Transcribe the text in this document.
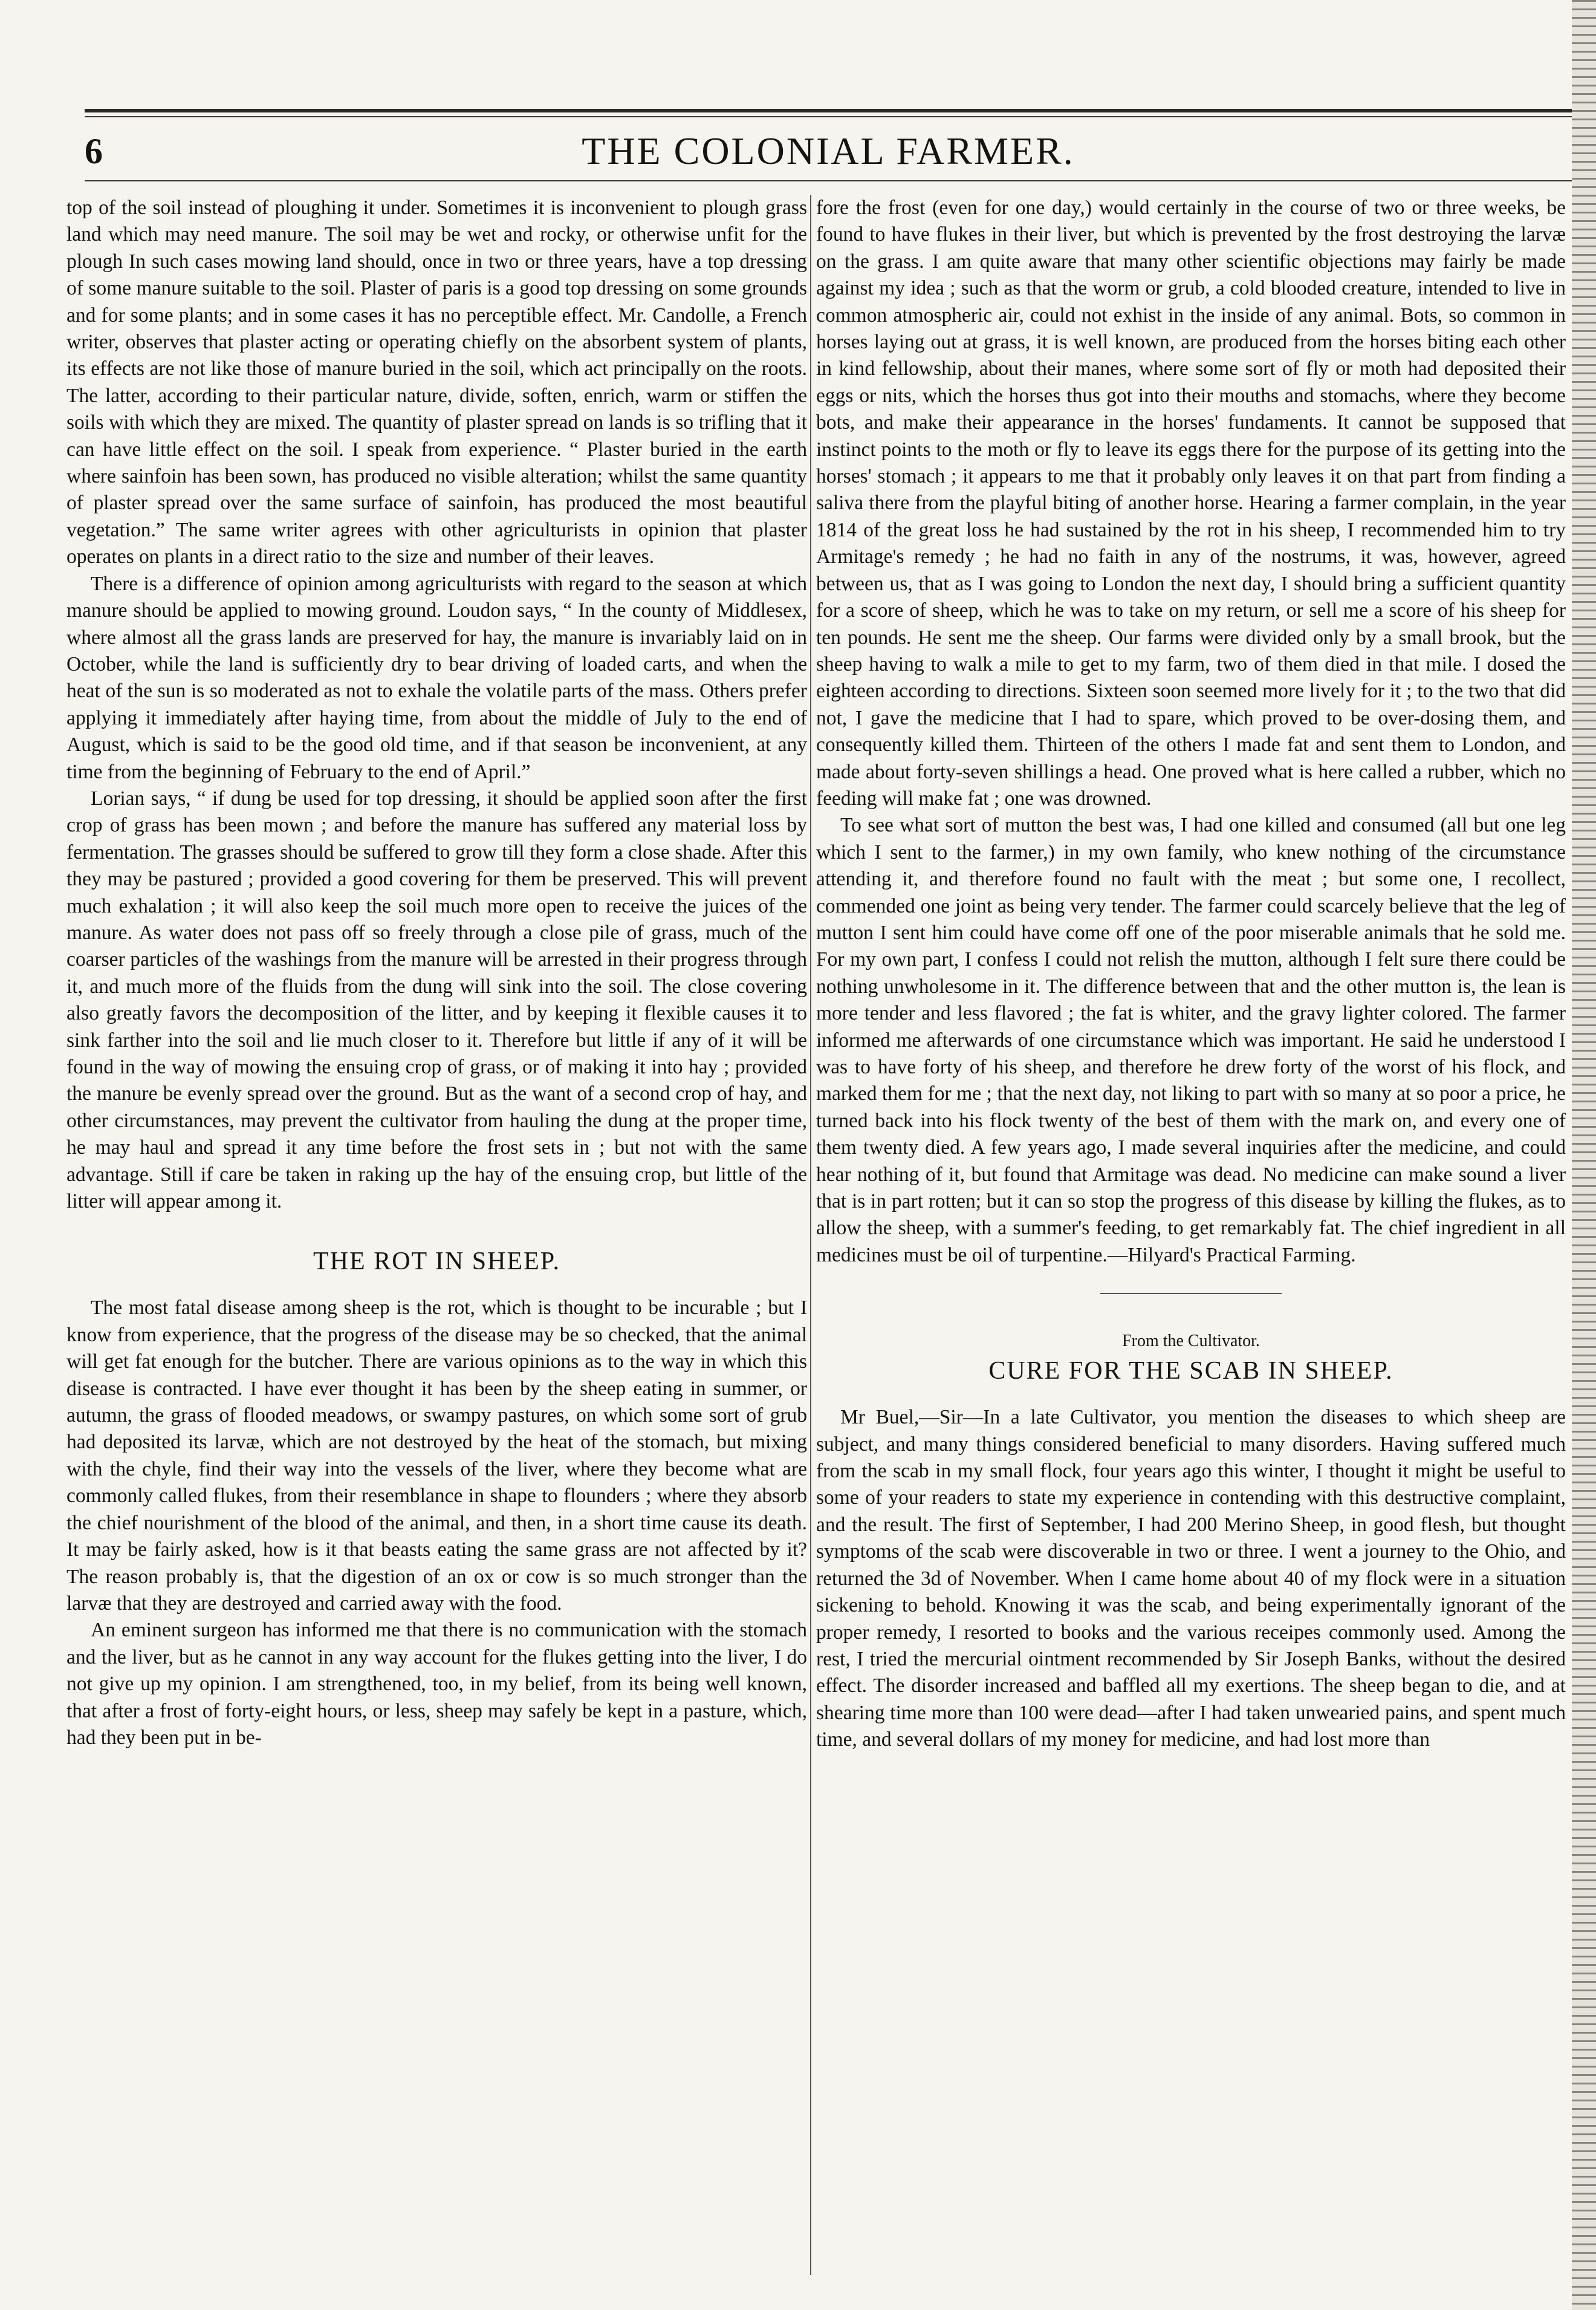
6	THE COLONIAL FARMER.

top of the soil instead of ploughing it under. Sometimes it is inconvenient to plough grass land which may need manure. The soil may be wet and rocky, or otherwise unfit for the plough In such cases mowing land should, once in two or three years, have a top dressing of some manure suitable to the soil. Plaster of paris is a good top dressing on some grounds and for some plants; and in some cases it has no perceptible effect. Mr. Candolle, a French writer, observes that plaster acting or operating chiefly on the absorbent system of plants, its effects are not like those of manure buried in the soil, which act principally on the roots. The latter, according to their particular nature, divide, soften, enrich, warm or stiffen the soils with which they are mixed. The quantity of plaster spread on lands is so trifling that it can have little effect on the soil. I speak from experience. “ Plaster buried in the earth where sainfoin has been sown, has produced no visible alteration; whilst the same quantity of plaster spread over the same surface of sainfoin, has produced the most beautiful vegetation.” The same writer agrees with other agriculturists in opinion that plaster operates on plants in a direct ratio to the size and number of their leaves.

There is a difference of opinion among agriculturists with regard to the season at which manure should be applied to mowing ground. Loudon says, “ In the county of Middlesex, where almost all the grass lands are preserved for hay, the manure is invariably laid on in October, while the land is sufficiently dry to bear driving of loaded carts, and when the heat of the sun is so moderated as not to exhale the volatile parts of the mass. Others prefer applying it immediately after haying time, from about the middle of July to the end of August, which is said to be the good old time, and if that season be inconvenient, at any time from the beginning of February to the end of April.”

Lorian says, “ if dung be used for top dressing, it should be applied soon after the first crop of grass has been mown ; and before the manure has suffered any material loss by fermentation. The grasses should be suffered to grow till they form a close shade. After this they may be pastured ; provided a good covering for them be preserved. This will prevent much exhalation ; it will also keep the soil much more open to receive the juices of the manure. As water does not pass off so freely through a close pile of grass, much of the coarser particles of the washings from the manure will be arrested in their progress through it, and much more of the fluids from the dung will sink into the soil. The close covering also greatly favors the decomposition of the litter, and by keeping it flexible causes it to sink farther into the soil and lie much closer to it. Therefore but little if any of it will be found in the way of mowing the ensuing crop of grass, or of making it into hay ; provided the manure be evenly spread over the ground. But as the want of a second crop of hay, and other circumstances, may prevent the cultivator from hauling the dung at the proper time, he may haul and spread it any time before the frost sets in ; but not with the same advantage. Still if care be taken in raking up the hay of the ensuing crop, but little of the litter will appear among it.

THE ROT IN SHEEP.

The most fatal disease among sheep is the rot, which is thought to be incurable ; but I know from experience, that the progress of the disease may be so checked, that the animal will get fat enough for the butcher. There are various opinions as to the way in which this disease is contracted. I have ever thought it has been by the sheep eating in summer, or autumn, the grass of flooded meadows, or swampy pastures, on which some sort of grub had deposited its larvæ, which are not destroyed by the heat of the stomach, but mixing with the chyle, find their way into the vessels of the liver, where they become what are commonly called flukes, from their resemblance in shape to flounders ; where they absorb the chief nourishment of the blood of the animal, and then, in a short time cause its death. It may be fairly asked, how is it that beasts eating the same grass are not affected by it? The reason probably is, that the digestion of an ox or cow is so much stronger than the larvæ that they are destroyed and carried away with the food.

An eminent surgeon has informed me that there is no communication with the stomach and the liver, but as he cannot in any way account for the flukes getting into the liver, I do not give up my opinion. I am strengthened, too, in my belief, from its being well known, that after a frost of forty-eight hours, or less, sheep may safely be kept in a pasture, which, had they been put in be-

fore the frost (even for one day,) would certainly in the course of two or three weeks, be found to have flukes in their liver, but which is prevented by the frost destroying the larvæ on the grass. I am quite aware that many other scientific objections may fairly be made against my idea ; such as that the worm or grub, a cold blooded creature, intended to live in common atmospheric air, could not exhist in the inside of any animal. Bots, so common in horses laying out at grass, it is well known, are produced from the horses biting each other in kind fellowship, about their manes, where some sort of fly or moth had deposited their eggs or nits, which the horses thus got into their mouths and stomachs, where they become bots, and make their appearance in the horses' fundaments. It cannot be supposed that instinct points to the moth or fly to leave its eggs there for the purpose of its getting into the horses' stomach ; it appears to me that it probably only leaves it on that part from finding a saliva there from the playful biting of another horse. Hearing a farmer complain, in the year 1814 of the great loss he had sustained by the rot in his sheep, I recommended him to try Armitage's remedy ; he had no faith in any of the nostrums, it was, however, agreed between us, that as I was going to London the next day, I should bring a sufficient quantity for a score of sheep, which he was to take on my return, or sell me a score of his sheep for ten pounds. He sent me the sheep. Our farms were divided only by a small brook, but the sheep having to walk a mile to get to my farm, two of them died in that mile. I dosed the eighteen according to directions. Sixteen soon seemed more lively for it ; to the two that did not, I gave the medicine that I had to spare, which proved to be over-dosing them, and consequently killed them. Thirteen of the others I made fat and sent them to London, and made about forty-seven shillings a head. One proved what is here called a rubber, which no feeding will make fat ; one was drowned.

To see what sort of mutton the best was, I had one killed and consumed (all but one leg which I sent to the farmer,) in my own family, who knew nothing of the circumstance attending it, and therefore found no fault with the meat ; but some one, I recollect, commended one joint as being very tender. The farmer could scarcely believe that the leg of mutton I sent him could have come off one of the poor miserable animals that he sold me. For my own part, I confess I could not relish the mutton, although I felt sure there could be nothing unwholesome in it. The difference between that and the other mutton is, the lean is more tender and less flavored ; the fat is whiter, and the gravy lighter colored. The farmer informed me afterwards of one circumstance which was important. He said he understood I was to have forty of his sheep, and therefore he drew forty of the worst of his flock, and marked them for me ; that the next day, not liking to part with so many at so poor a price, he turned back into his flock twenty of the best of them with the mark on, and every one of them twenty died. A few years ago, I made several inquiries after the medicine, and could hear nothing of it, but found that Armitage was dead. No medicine can make sound a liver that is in part rotten; but it can so stop the progress of this disease by killing the flukes, as to allow the sheep, with a summer's feeding, to get remarkably fat. The chief ingredient in all medicines must be oil of turpentine.—Hilyard's Practical Farming.

From the Cultivator.
CURE FOR THE SCAB IN SHEEP.

Mr Buel,—Sir—In a late Cultivator, you mention the diseases to which sheep are subject, and many things considered beneficial to many disorders. Having suffered much from the scab in my small flock, four years ago this winter, I thought it might be useful to some of your readers to state my experience in contending with this destructive complaint, and the result. The first of September, I had 200 Merino Sheep, in good flesh, but thought symptoms of the scab were discoverable in two or three. I went a journey to the Ohio, and returned the 3d of November. When I came home about 40 of my flock were in a situation sickening to behold. Knowing it was the scab, and being experimentally ignorant of the proper remedy, I resorted to books and the various receipes commonly used. Among the rest, I tried the mercurial ointment recommended by Sir Joseph Banks, without the desired effect. The disorder increased and baffled all my exertions. The sheep began to die, and at shearing time more than 100 were dead—after I had taken unwearied pains, and spent much time, and several dollars of my money for medicine, and had lost more than
